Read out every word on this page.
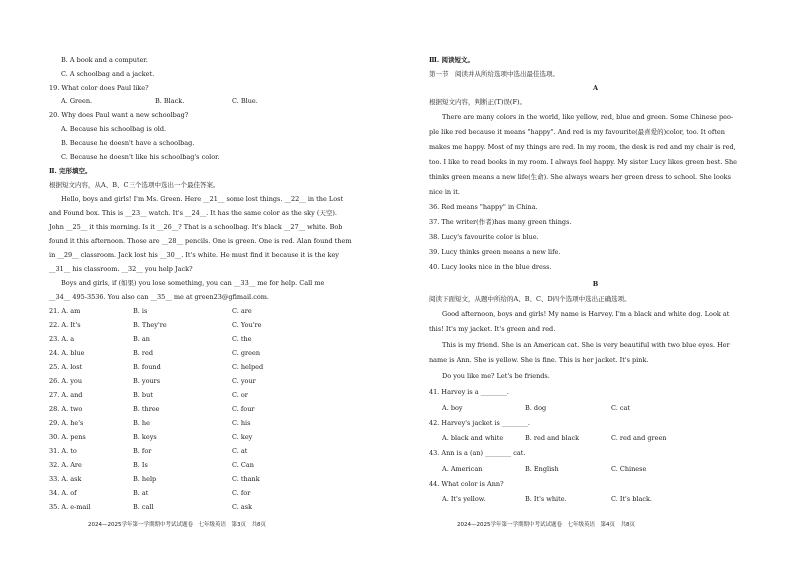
2024—2025学年第一学期期中考试试题卷　七年级英语　第3页　共8页
B. A book and a computer.
C. A schoolbag and a jacket.
19. What color does Paul like?
A. Green.	B. Black.	C. Blue.
20. Why does Paul want a new schoolbag?
A. Because his schoolbag is old.
B. Because he doesn't have a schoolbag.
C. Because he doesn't like his schoolbag's color.
Ⅱ. 完形填空。
根据短文内容，从A、B、C三个选项中选出一个最佳答案。
Hello, boys and girls! I'm Ms. Green. Here __21__ some lost things. __22__ in the Lost
and Found box. This is __23__ watch. It's __24__. It has the same color as the sky (天空).
John __25__ it this morning. Is it __26__? That is a schoolbag. It's black __27__ white. Bob
found it this afternoon. Those are __28__ pencils. One is green. One is red. Alan found them
in __29__ classroom. Jack lost his __30__. It's white. He must find it because it is the key
__31__ his classroom. __32__ you help Jack?
Boys and girls, if (如果) you lose something, you can __33__ me for help. Call me
__34__ 495-3536. You also can __35__ me at green23@gfimail.com.
21. A. am	B. is	C. are
22. A. It's	B. They're	C. You're
23. A. a	B. an	C. the
24. A. blue	B. red	C. green
25. A. lost	B. found	C. helped
26. A. you	B. yours	C. your
27. A. and	B. but	C. or
28. A. two	B. three	C. four
29. A. he's	B. he	C. his
30. A. pens	B. keys	C. key
31. A. to	B. for	C. at
32. A. Are	B. Is	C. Can
33. A. ask	B. help	C. thank
34. A. of	B. at	C. for
35. A. e-mail	B. call	C. ask
2024—2025学年第一学期期中考试试题卷　七年级英语　第4页　共8页
Ⅲ. 阅读短文。
第一节　阅读并从所给选项中选出最佳选项。
A
根据短文内容，判断正(T)误(F)。
There are many colors in the world, like yellow, red, blue and green. Some Chinese peo-
ple like red because it means "happy". And red is my favourite(最喜爱的)color, too. It often
makes me happy. Most of my things are red. In my room, the desk is red and my chair is red,
too. I like to read books in my room. I always feel happy. My sister Lucy likes green best. She
thinks green means a new life(生命). She always wears her green dress to school. She looks
nice in it.
36. Red means "happy" in China.
37. The writer(作者)has many green things.
38. Lucy's favourite color is blue.
39. Lucy thinks green means a new life.
40. Lucy looks nice in the blue dress.
B
阅读下面短文，从题中所给的A、B、C、D四个选项中选出正确选项。
Good afternoon, boys and girls! My name is Harvey. I'm a black and white dog. Look at
this! It's my jacket. It's green and red.
This is my friend. She is an American cat. She is very beautiful with two blue eyes. Her
name is Ann. She is yellow. She is fine. This is her jacket. It's pink.
Do you like me? Let's be friends.
41. Harvey is a ________.
A. boy	B. dog	C. cat
42. Harvey's jacket is ________.
A. black and white	B. red and black	C. red and green
43. Ann is a (an) ________ cat.
A. American	B. English	C. Chinese
44. What color is Ann?
A. It's yellow.	B. It's white.	C. It's black.
